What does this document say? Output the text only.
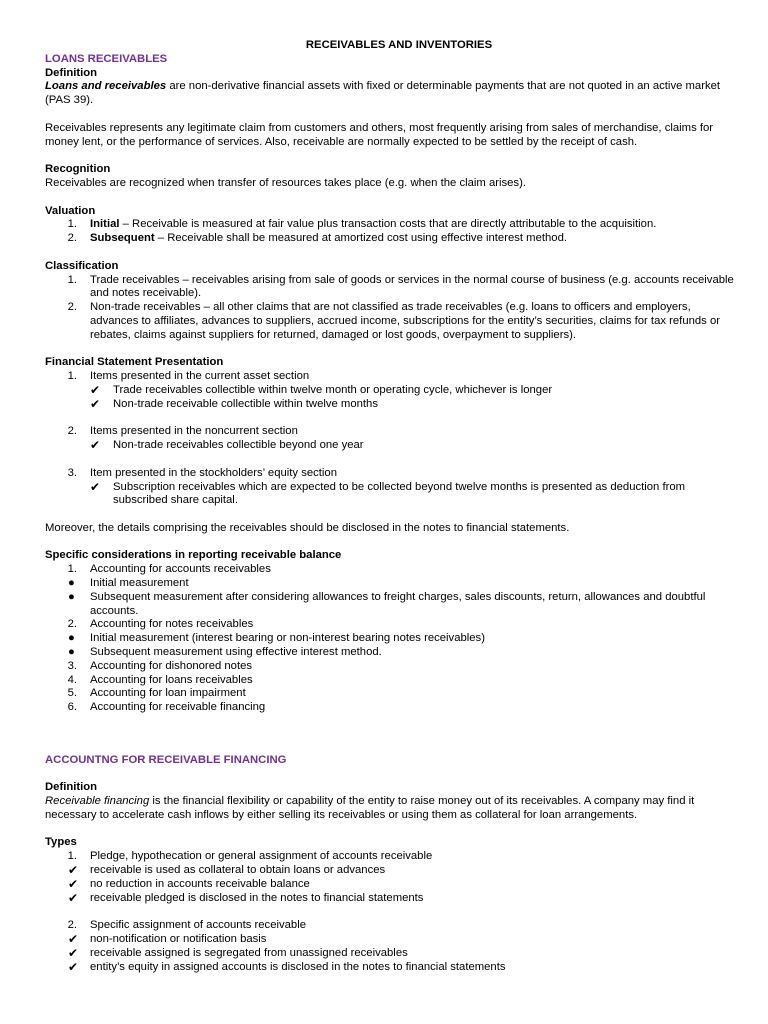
RECEIVABLES AND INVENTORIES
LOANS RECEIVABLES
Definition

Loans and receivables are non-derivative financial assets with fixed or determinable payments that are not quoted in an active market (PAS 39).

Receivables represents any legitimate claim from customers and others, most frequently arising from sales of merchandise, claims for money lent, or the performance of services. Also, receivable are normally expected to be settled by the receipt of cash.

Recognition

Receivables are recognized when transfer of resources takes place (e.g. when the claim arises).

Valuation
1. Initial – Receivable is measured at fair value plus transaction costs that are directly attributable to the acquisition.
2. Subsequent – Receivable shall be measured at amortized cost using effective interest method.
Classification
1. Trade receivables – receivables arising from sale of goods or services in the normal course of business (e.g. accounts receivable and notes receivable).
2. Non-trade receivables – all other claims that are not classified as trade receivables (e.g. loans to officers and employers, advances to affiliates, advances to suppliers, accrued income, subscriptions for the entity’s securities, claims for tax refunds or rebates, claims against suppliers for returned, damaged or lost goods, overpayment to suppliers).
Financial Statement Presentation
1. Items presented in the current asset section
✔ Trade receivables collectible within twelve month or operating cycle, whichever is longer
✔ Non-trade receivable collectible within twelve months
2. Items presented in the noncurrent section
✔ Non-trade receivables collectible beyond one year
3. Item presented in the stockholders’ equity section
✔ Subscription receivables which are expected to be collected beyond twelve months is presented as deduction from subscribed share capital.

Moreover, the details comprising the receivables should be disclosed in the notes to financial statements.

Specific considerations in reporting receivable balance
1. Accounting for accounts receivables
● Initial measurement
● Subsequent measurement after considering allowances to freight charges, sales discounts, return, allowances and doubtful accounts.
2. Accounting for notes receivables
● Initial measurement (interest bearing or non-interest bearing notes receivables)
● Subsequent measurement using effective interest method.
3. Accounting for dishonored notes
4. Accounting for loans receivables
5. Accounting for loan impairment
6. Accounting for receivable financing
ACCOUNTNG FOR RECEIVABLE FINANCING
Definition

Receivable financing is the financial flexibility or capability of the entity to raise money out of its receivables. A company may find it necessary to accelerate cash inflows by either selling its receivables or using them as collateral for loan arrangements.

Types
1. Pledge, hypothecation or general assignment of accounts receivable
✔ receivable is used as collateral to obtain loans or advances
✔ no reduction in accounts receivable balance
✔ receivable pledged is disclosed in the notes to financial statements
2. Specific assignment of accounts receivable
✔ non-notification or notification basis
✔ receivable assigned is segregated from unassigned receivables
✔ entity’s equity in assigned accounts is disclosed in the notes to financial statements
